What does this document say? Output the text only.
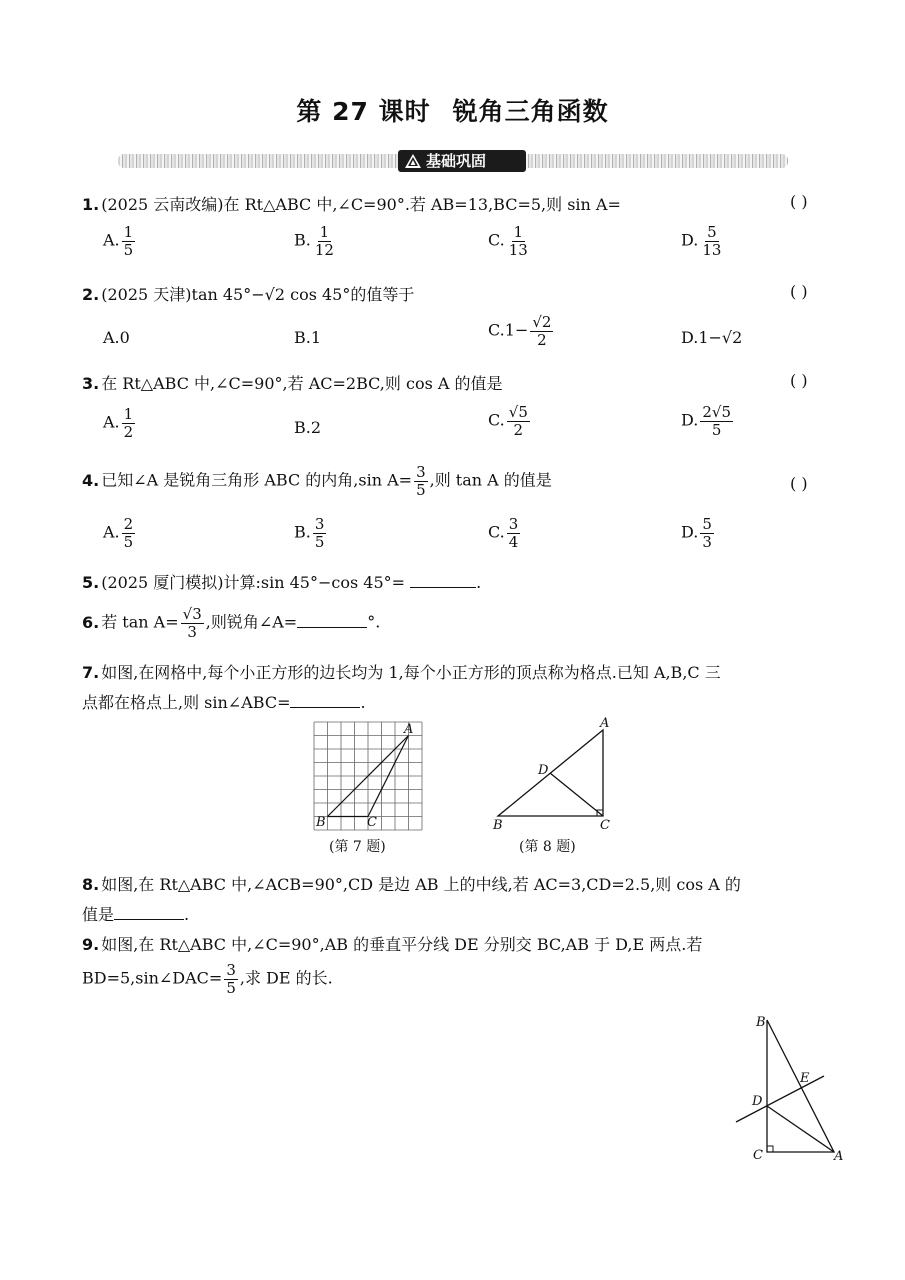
第 27 课时 锐角三角函数
基础巩固
1. (2025 云南改编)在 Rt△ABC 中,∠C=90°.若 AB=13,BC=5,则 sin A=	( )
A. $\frac{1}{5}$	B. $\frac{1}{12}$	C. $\frac{1}{13}$	D. $\frac{5}{13}$
2. (2025 天津)tan 45°−√2 cos 45°的值等于	( )
A.0	B.1	$C.1- \frac{√2}{2}$	D.1−√2
3. 在 Rt△ABC 中,∠C=90°,若 AC=2BC,则 cos A 的值是	( )
A. $\frac{1}{2}$	B.2	C. $\frac{√5}{2}$	D. $\frac{2√5}{5}$
4. 已知∠A 是锐角三角形 ABC 的内角,sin $A= \frac{3}{5}$ ,则 tan A 的值是	( )
A. $\frac{2}{5}$	B. $\frac{3}{5}$	C. $\frac{3}{4}$	D. $\frac{5}{3}$
5. (2025 厦门模拟)计算:sin 45°−cos 45°=	.
6. 若 $\tan A= \frac{√3}{3}$ ,则锐角∠A=	°.
7. 如图,在网格中,每个小正方形的边长均为 1,每个小正方形的顶点称为格点.已知 A,B,C 三
点都在格点上,则 sin∠ABC=	.
A
B	C
(第 7 题)
A
B	C
D
(第 8 题)
8. 如图,在 Rt△ABC 中,∠ACB=90°,CD 是边 AB 上的中线,若 AC=3,CD=2.5,则 cos A 的
值是	.
9. 如图,在 Rt△ABC 中,∠C=90°,AB 的垂直平分线 DE 分别交 BC,AB 于 D,E 两点.若
BD=5,sin∠DAC= $\frac{3}{5}$ ,求 DE 的长.
B
D
E
C	A
